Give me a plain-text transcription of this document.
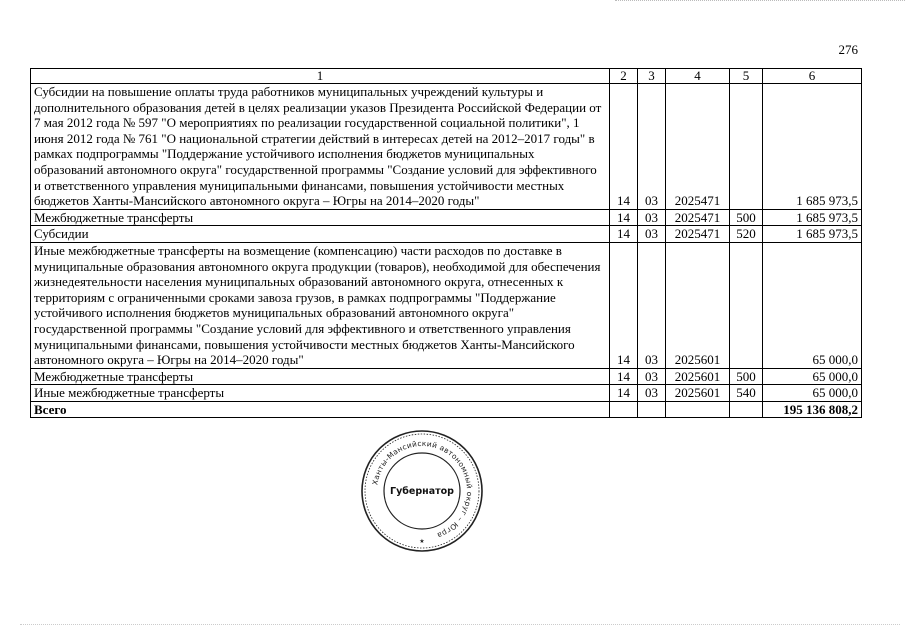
276
1	2	3	4	5	6
Субсидии на повышение оплаты труда работников муниципальных учреждений культуры и дополнительного образования детей в целях реализации указов Президента Российской Федерации от 7 мая 2012 года № 597 "О мероприятиях по реализации государственной социальной политики", 1 июня 2012 года № 761 "О национальной стратегии действий в интересах детей на 2012–2017 годы" в рамках подпрограммы "Поддержание устойчивого исполнения бюджетов муниципальных образований автономного округа" государственной программы "Создание условий для эффективного и ответственного управления муниципальными финансами, повышения устойчивости местных бюджетов Ханты-Мансийского автономного округа – Югры на 2014–2020 годы"	14	03	2025471		1 685 973,5
Межбюджетные трансферты	14	03	2025471	500	1 685 973,5
Субсидии	14	03	2025471	520	1 685 973,5
Иные межбюджетные трансферты на возмещение (компенсацию) части расходов по доставке в муниципальные образования автономного округа продукции (товаров), необходимой для обеспечения жизнедеятельности населения муниципальных образований автономного округа, отнесенных к территориям с ограниченными сроками завоза грузов, в рамках подпрограммы "Поддержание устойчивого исполнения бюджетов муниципальных образований автономного округа" государственной программы "Создание условий для эффективного и ответственного управления муниципальными финансами, повышения устойчивости местных бюджетов Ханты-Мансийского автономного округа – Югры на 2014–2020 годы"	14	03	2025601		65 000,0
Межбюджетные трансферты	14	03	2025601	500	65 000,0
Иные межбюджетные трансферты	14	03	2025601	540	65 000,0
Всего					195 136 808,2
Ханты-Мансийский автономный округ – Югра
Губернатор
★
